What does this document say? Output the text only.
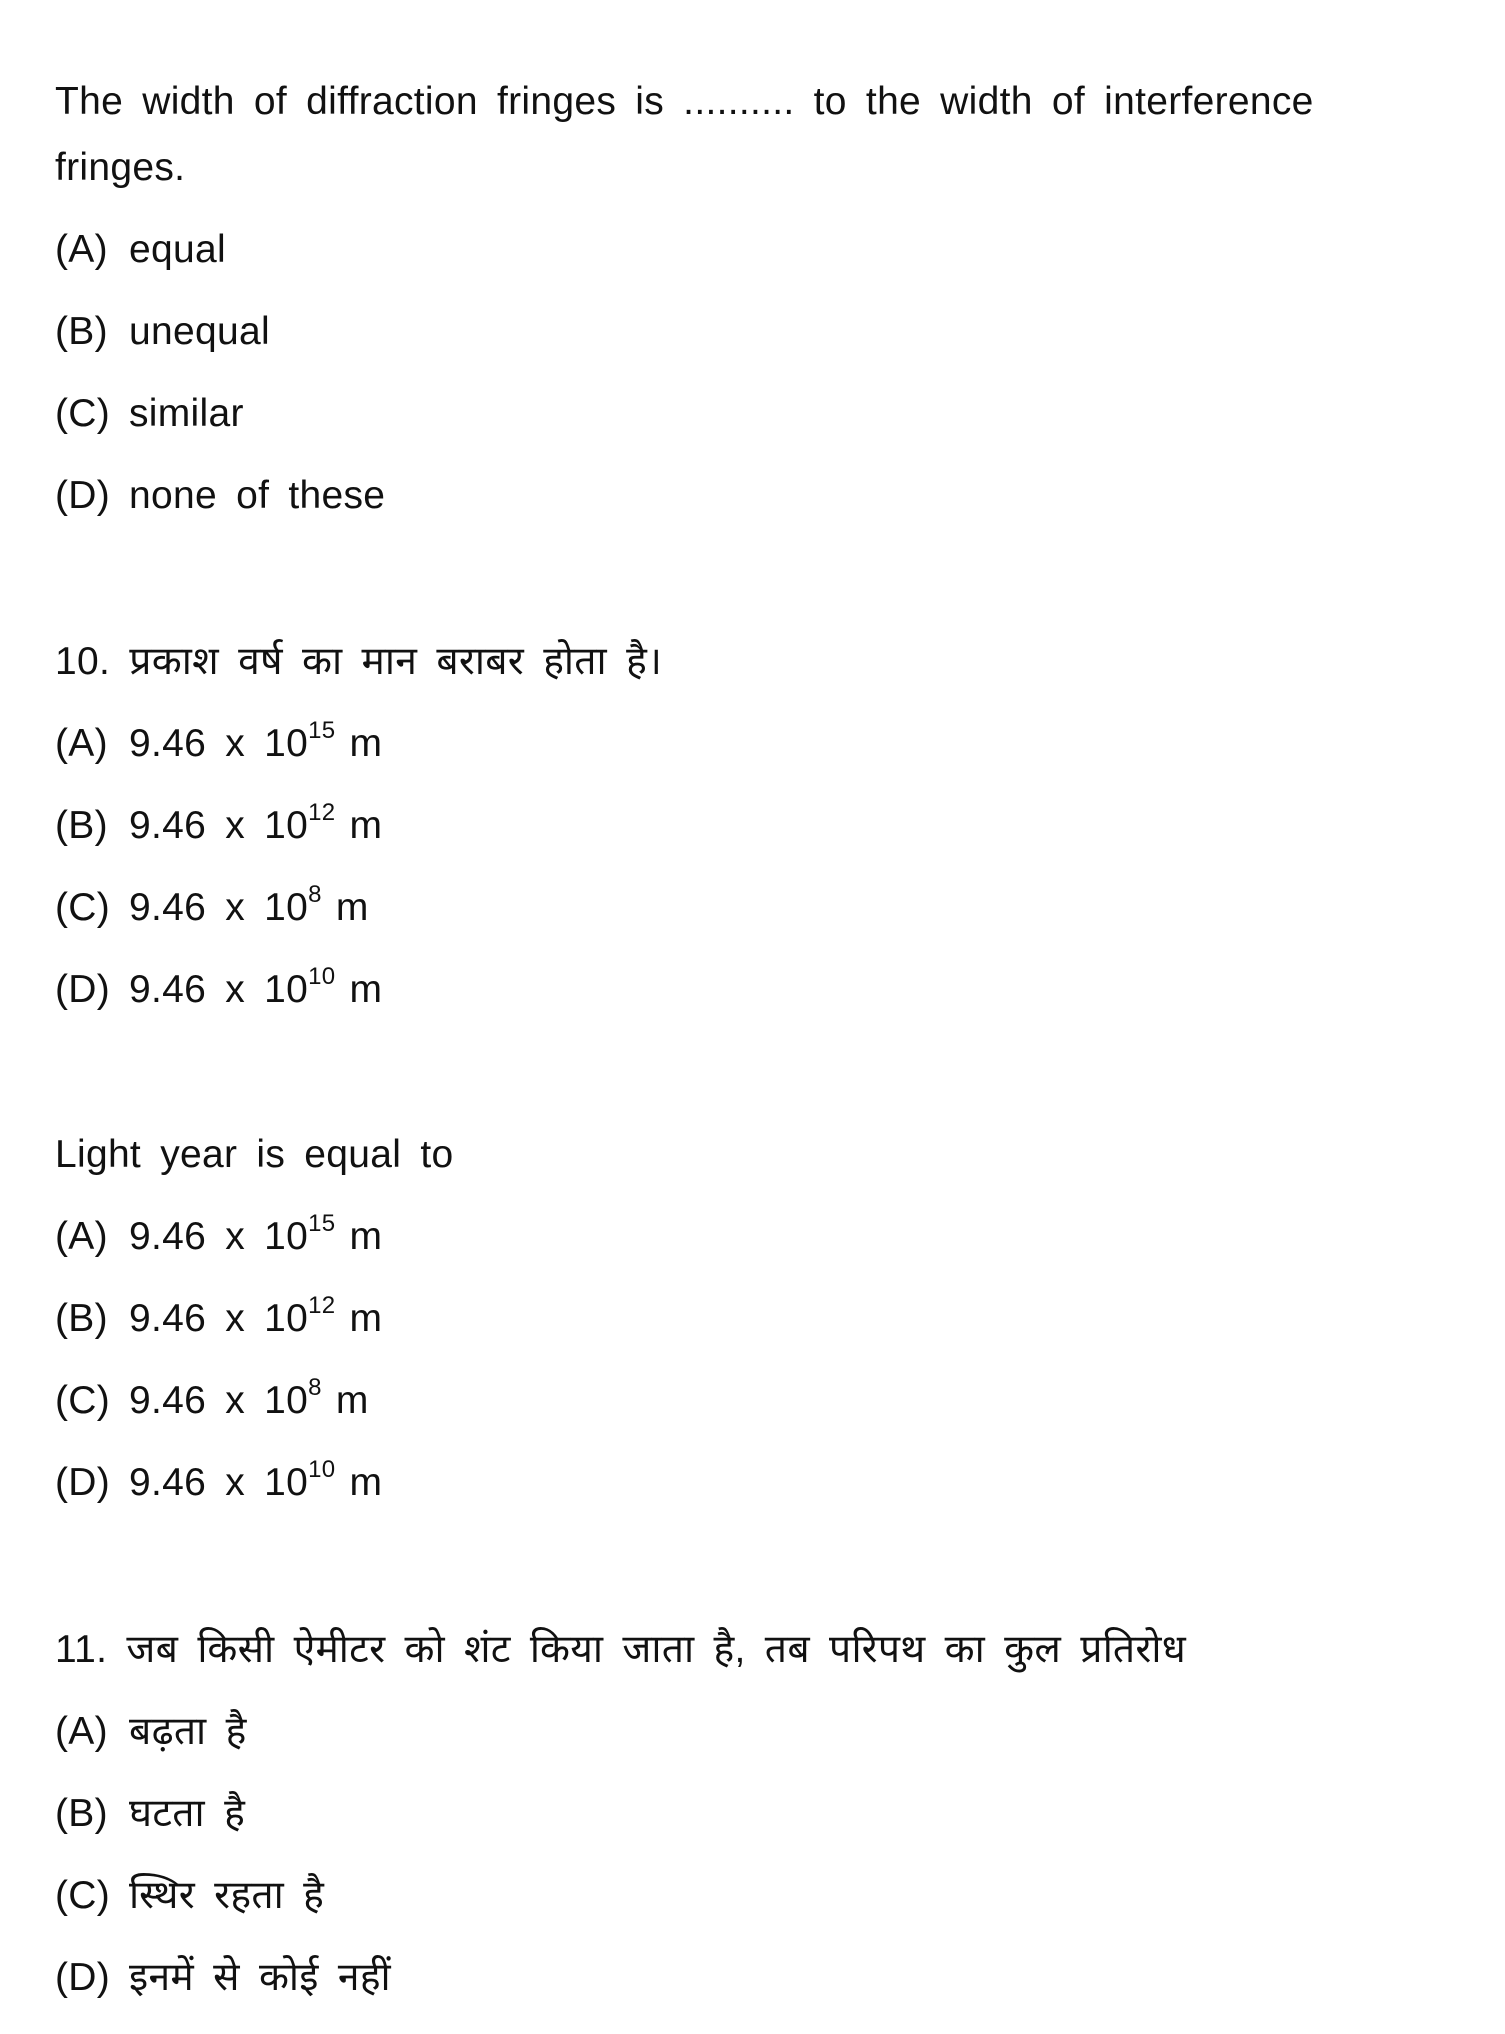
The width of diffraction fringes is .......... to the width of interference
fringes.
(A) equal
(B) unequal
(C) similar
(D) none of these
10. प्रकाश वर्ष का मान बराबर होता है।
(A) 9.46 x $10^{15}$ m
(B) 9.46 x $10^{12}$ m
(C) 9.46 x $10^8$ m
(D) 9.46 x $10^{10}$ m
Light year is equal to
(A) 9.46 x $10^{15}$ m
(B) 9.46 x $10^{12}$ m
(C) 9.46 x $10^8$ m
(D) 9.46 x $10^{10}$ m
11. जब किसी ऐमीटर को शंट किया जाता है, तब परिपथ का कुल प्रतिरोध
(A) बढ़ता है
(B) घटता है
(C) स्थिर रहता है
(D) इनमें से कोई नहीं
